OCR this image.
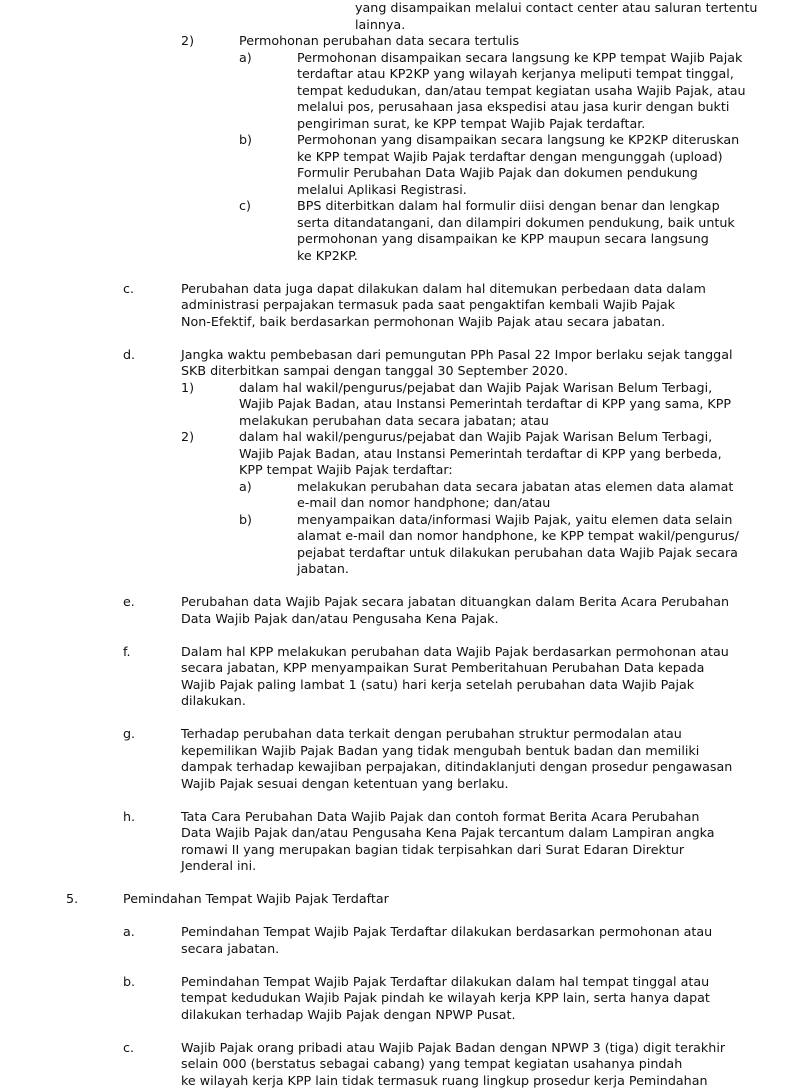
yang disampaikan melalui contact center atau saluran tertentu
lainnya.
2)	Permohonan perubahan data secara tertulis
a)	Permohonan disampaikan secara langsung ke KPP tempat Wajib Pajak
terdaftar atau KP2KP yang wilayah kerjanya meliputi tempat tinggal,
tempat kedudukan, dan/atau tempat kegiatan usaha Wajib Pajak, atau
melalui pos, perusahaan jasa ekspedisi atau jasa kurir dengan bukti
pengiriman surat, ke KPP tempat Wajib Pajak terdaftar.
b)	Permohonan yang disampaikan secara langsung ke KP2KP diteruskan
ke KPP tempat Wajib Pajak terdaftar dengan mengunggah (upload)
Formulir Perubahan Data Wajib Pajak dan dokumen pendukung
melalui Aplikasi Registrasi.
c)	BPS diterbitkan dalam hal formulir diisi dengan benar dan lengkap
serta ditandatangani, dan dilampiri dokumen pendukung, baik untuk
permohonan yang disampaikan ke KPP maupun secara langsung
ke KP2KP.
c.	Perubahan data juga dapat dilakukan dalam hal ditemukan perbedaan data dalam
administrasi perpajakan termasuk pada saat pengaktifan kembali Wajib Pajak
Non-Efektif, baik berdasarkan permohonan Wajib Pajak atau secara jabatan.
d.	Jangka waktu pembebasan dari pemungutan PPh Pasal 22 Impor berlaku sejak tanggal
SKB diterbitkan sampai dengan tanggal 30 September 2020.
1)	dalam hal wakil/pengurus/pejabat dan Wajib Pajak Warisan Belum Terbagi,
Wajib Pajak Badan, atau Instansi Pemerintah terdaftar di KPP yang sama, KPP
melakukan perubahan data secara jabatan; atau
2)	dalam hal wakil/pengurus/pejabat dan Wajib Pajak Warisan Belum Terbagi,
Wajib Pajak Badan, atau Instansi Pemerintah terdaftar di KPP yang berbeda,
KPP tempat Wajib Pajak terdaftar:
a)	melakukan perubahan data secara jabatan atas elemen data alamat
e-mail dan nomor handphone; dan/atau
b)	menyampaikan data/informasi Wajib Pajak, yaitu elemen data selain
alamat e-mail dan nomor handphone, ke KPP tempat wakil/pengurus/
pejabat terdaftar untuk dilakukan perubahan data Wajib Pajak secara
jabatan.
e.	Perubahan data Wajib Pajak secara jabatan dituangkan dalam Berita Acara Perubahan
Data Wajib Pajak dan/atau Pengusaha Kena Pajak.
f.	Dalam hal KPP melakukan perubahan data Wajib Pajak berdasarkan permohonan atau
secara jabatan, KPP menyampaikan Surat Pemberitahuan Perubahan Data kepada
Wajib Pajak paling lambat 1 (satu) hari kerja setelah perubahan data Wajib Pajak
dilakukan.
g.	Terhadap perubahan data terkait dengan perubahan struktur permodalan atau
kepemilikan Wajib Pajak Badan yang tidak mengubah bentuk badan dan memiliki
dampak terhadap kewajiban perpajakan, ditindaklanjuti dengan prosedur pengawasan
Wajib Pajak sesuai dengan ketentuan yang berlaku.
h.	Tata Cara Perubahan Data Wajib Pajak dan contoh format Berita Acara Perubahan
Data Wajib Pajak dan/atau Pengusaha Kena Pajak tercantum dalam Lampiran angka
romawi II yang merupakan bagian tidak terpisahkan dari Surat Edaran Direktur
Jenderal ini.
5.	Pemindahan Tempat Wajib Pajak Terdaftar
a.	Pemindahan Tempat Wajib Pajak Terdaftar dilakukan berdasarkan permohonan atau
secara jabatan.
b.	Pemindahan Tempat Wajib Pajak Terdaftar dilakukan dalam hal tempat tinggal atau
tempat kedudukan Wajib Pajak pindah ke wilayah kerja KPP lain, serta hanya dapat
dilakukan terhadap Wajib Pajak dengan NPWP Pusat.
c.	Wajib Pajak orang pribadi atau Wajib Pajak Badan dengan NPWP 3 (tiga) digit terakhir
selain 000 (berstatus sebagai cabang) yang tempat kegiatan usahanya pindah
ke wilayah kerja KPP lain tidak termasuk ruang lingkup prosedur kerja Pemindahan
